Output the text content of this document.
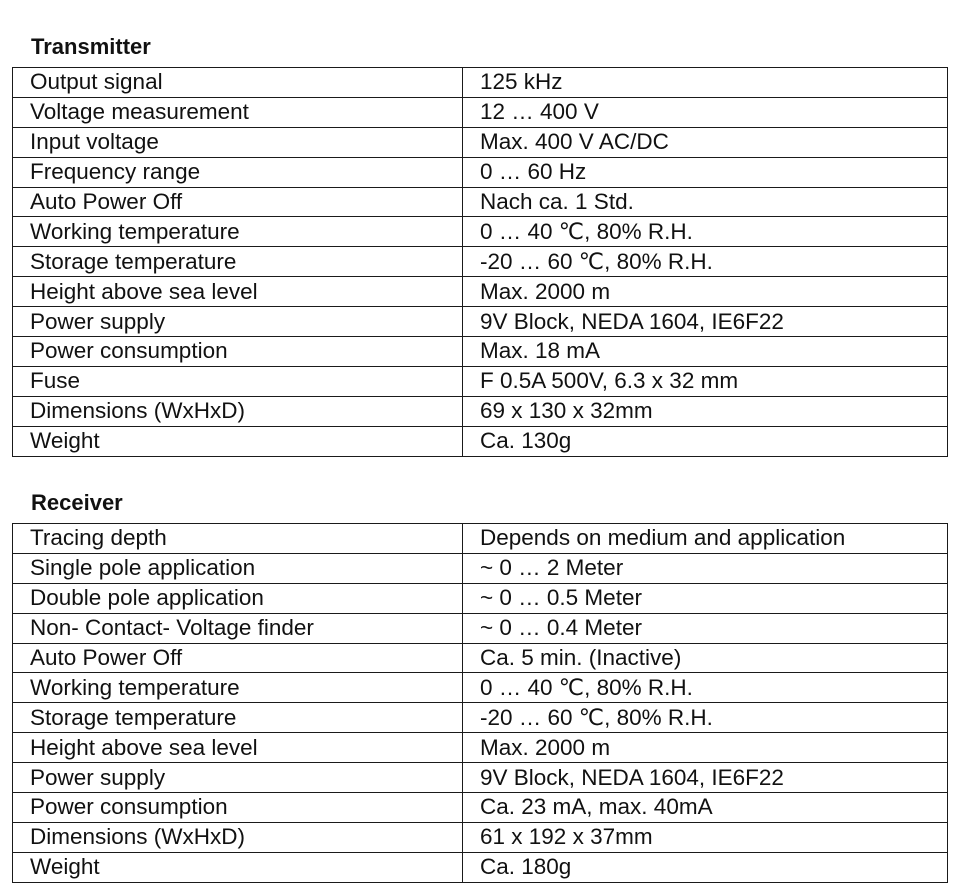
Transmitter
Output signal	125 kHz
Voltage measurement	12 … 400 V
Input voltage	Max. 400 V AC/DC
Frequency range	0 … 60 Hz
Auto Power Off	Nach ca. 1 Std.
Working temperature	0 … 40 ℃, 80% R.H.
Storage temperature	-20 … 60 ℃, 80% R.H.
Height above sea level	Max. 2000 m
Power supply	9V Block, NEDA 1604, IE6F22
Power consumption	Max. 18 mA
Fuse	F 0.5A 500V, 6.3 x 32 mm
Dimensions (WxHxD)	69 x 130 x 32mm
Weight	Ca. 130g
Receiver
Tracing depth	Depends on medium and application
Single pole application	~ 0 … 2 Meter
Double pole application	~ 0 … 0.5 Meter
Non- Contact- Voltage finder	~ 0 … 0.4 Meter
Auto Power Off	Ca. 5 min. (Inactive)
Working temperature	0 … 40 ℃, 80% R.H.
Storage temperature	-20 … 60 ℃, 80% R.H.
Height above sea level	Max. 2000 m
Power supply	9V Block, NEDA 1604, IE6F22
Power consumption	Ca. 23 mA, max. 40mA
Dimensions (WxHxD)	61 x 192 x 37mm
Weight	Ca. 180g
